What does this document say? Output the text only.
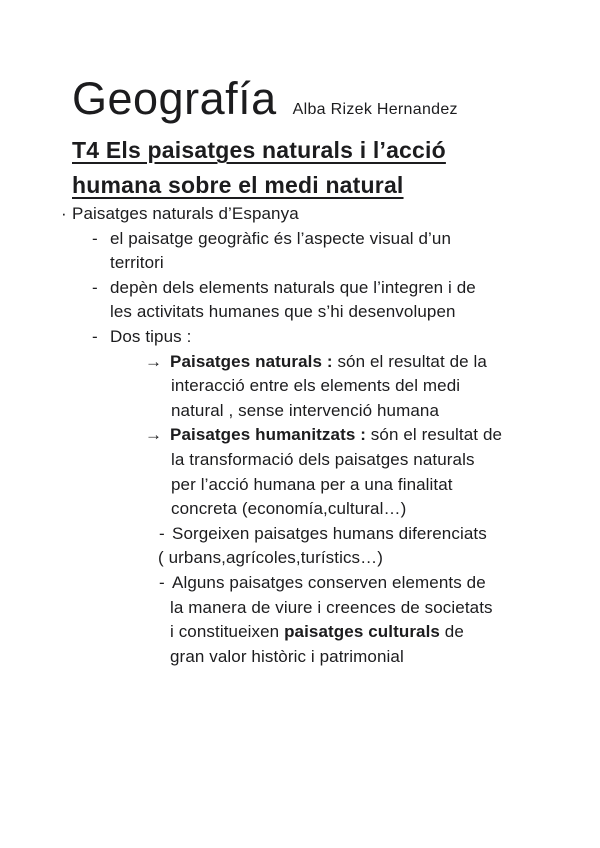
Geografía Alba Rizek Hernandez
T4 Els paisatges naturals i l’acció
humana sobre el medi natural
· Paisatges naturals d’Espanya
- el paisatge geogràfic és l’aspecte visual d’un
territori
- depèn dels elements naturals que l’integren i de
les activitats humanes que s’hi desenvolupen
- Dos tipus :
→ Paisatges naturals : són el resultat de la
interacció entre els elements del medi
natural , sense intervenció humana
→ Paisatges humanitzats : són el resultat de
la transformació dels paisatges naturals
per l’acció humana per a una finalitat
concreta (economía,cultural…)
- Sorgeixen paisatges humans diferenciats
( urbans,agrícoles,turístics…)
- Alguns paisatges conserven elements de
la manera de viure i creences de societats
i constitueixen paisatges culturals de
gran valor històric i patrimonial
